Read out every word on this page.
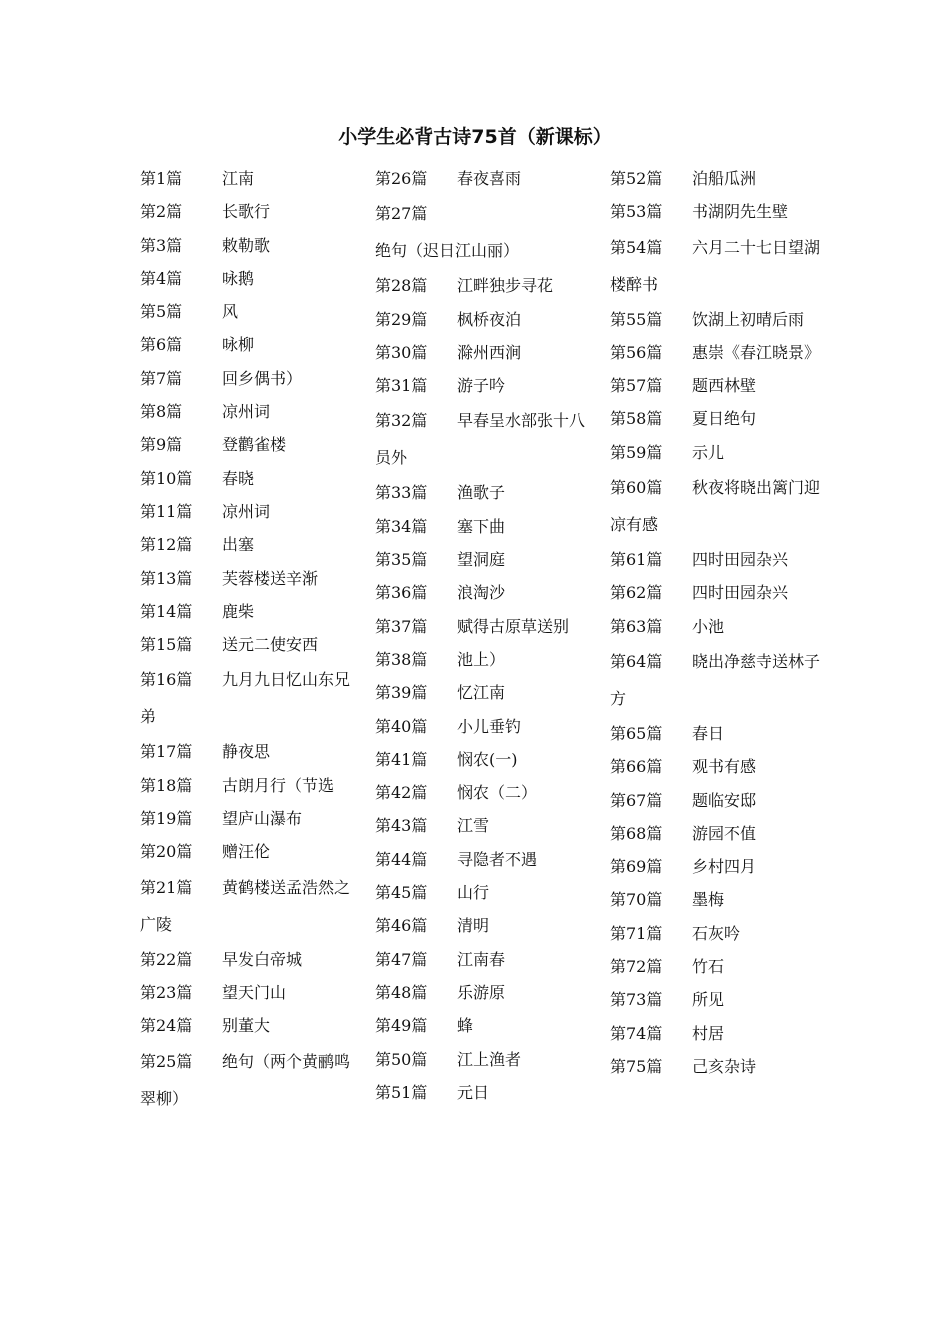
小学生必背古诗75首（新课标）

第1篇 江南

第2篇 长歌行

第3篇 敕勒歌

第4篇 咏鹅

第5篇 风

第6篇 咏柳

第7篇 回乡偶书）

第8篇 凉州词

第9篇 登鹳雀楼

第10篇 春晓

第11篇 凉州词

第12篇 出塞

第13篇 芙蓉楼送辛渐

第14篇 鹿柴

第15篇 送元二使安西

第16篇 九月九日忆山东兄弟

第17篇 静夜思

第18篇 古朗月行（节选

第19篇 望庐山瀑布

第20篇 赠汪伦

第21篇 黄鹤楼送孟浩然之广陵

第22篇 早发白帝城

第23篇 望天门山

第24篇 别董大

第25篇 绝句（两个黄鹂鸣翠柳）

第26篇 春夜喜雨

第27篇绝句（迟日江山丽）

第28篇 江畔独步寻花

第29篇 枫桥夜泊

第30篇 滁州西涧

第31篇 游子吟

第32篇 早春呈水部张十八员外

第33篇 渔歌子

第34篇 塞下曲

第35篇 望洞庭

第36篇 浪淘沙

第37篇 赋得古原草送别

第38篇 池上）

第39篇 忆江南

第40篇 小儿垂钓

第41篇 悯农(一)

第42篇 悯农（二）

第43篇 江雪

第44篇 寻隐者不遇

第45篇 山行

第46篇 清明

第47篇 江南春

第48篇 乐游原

第49篇 蜂

第50篇 江上渔者

第51篇 元日

第52篇 泊船瓜洲

第53篇 书湖阴先生壁

第54篇 六月二十七日望湖楼醉书

第55篇 饮湖上初晴后雨

第56篇 惠崇《春江晓景》

第57篇 题西林壁

第58篇 夏日绝句

第59篇 示儿

第60篇 秋夜将晓出篱门迎凉有感

第61篇 四时田园杂兴

第62篇 四时田园杂兴

第63篇 小池

第64篇 晓出净慈寺送林子方

第65篇 春日

第66篇 观书有感

第67篇 题临安邸

第68篇 游园不值

第69篇 乡村四月

第70篇 墨梅

第71篇 石灰吟

第72篇 竹石

第73篇 所见

第74篇 村居

第75篇 己亥杂诗
